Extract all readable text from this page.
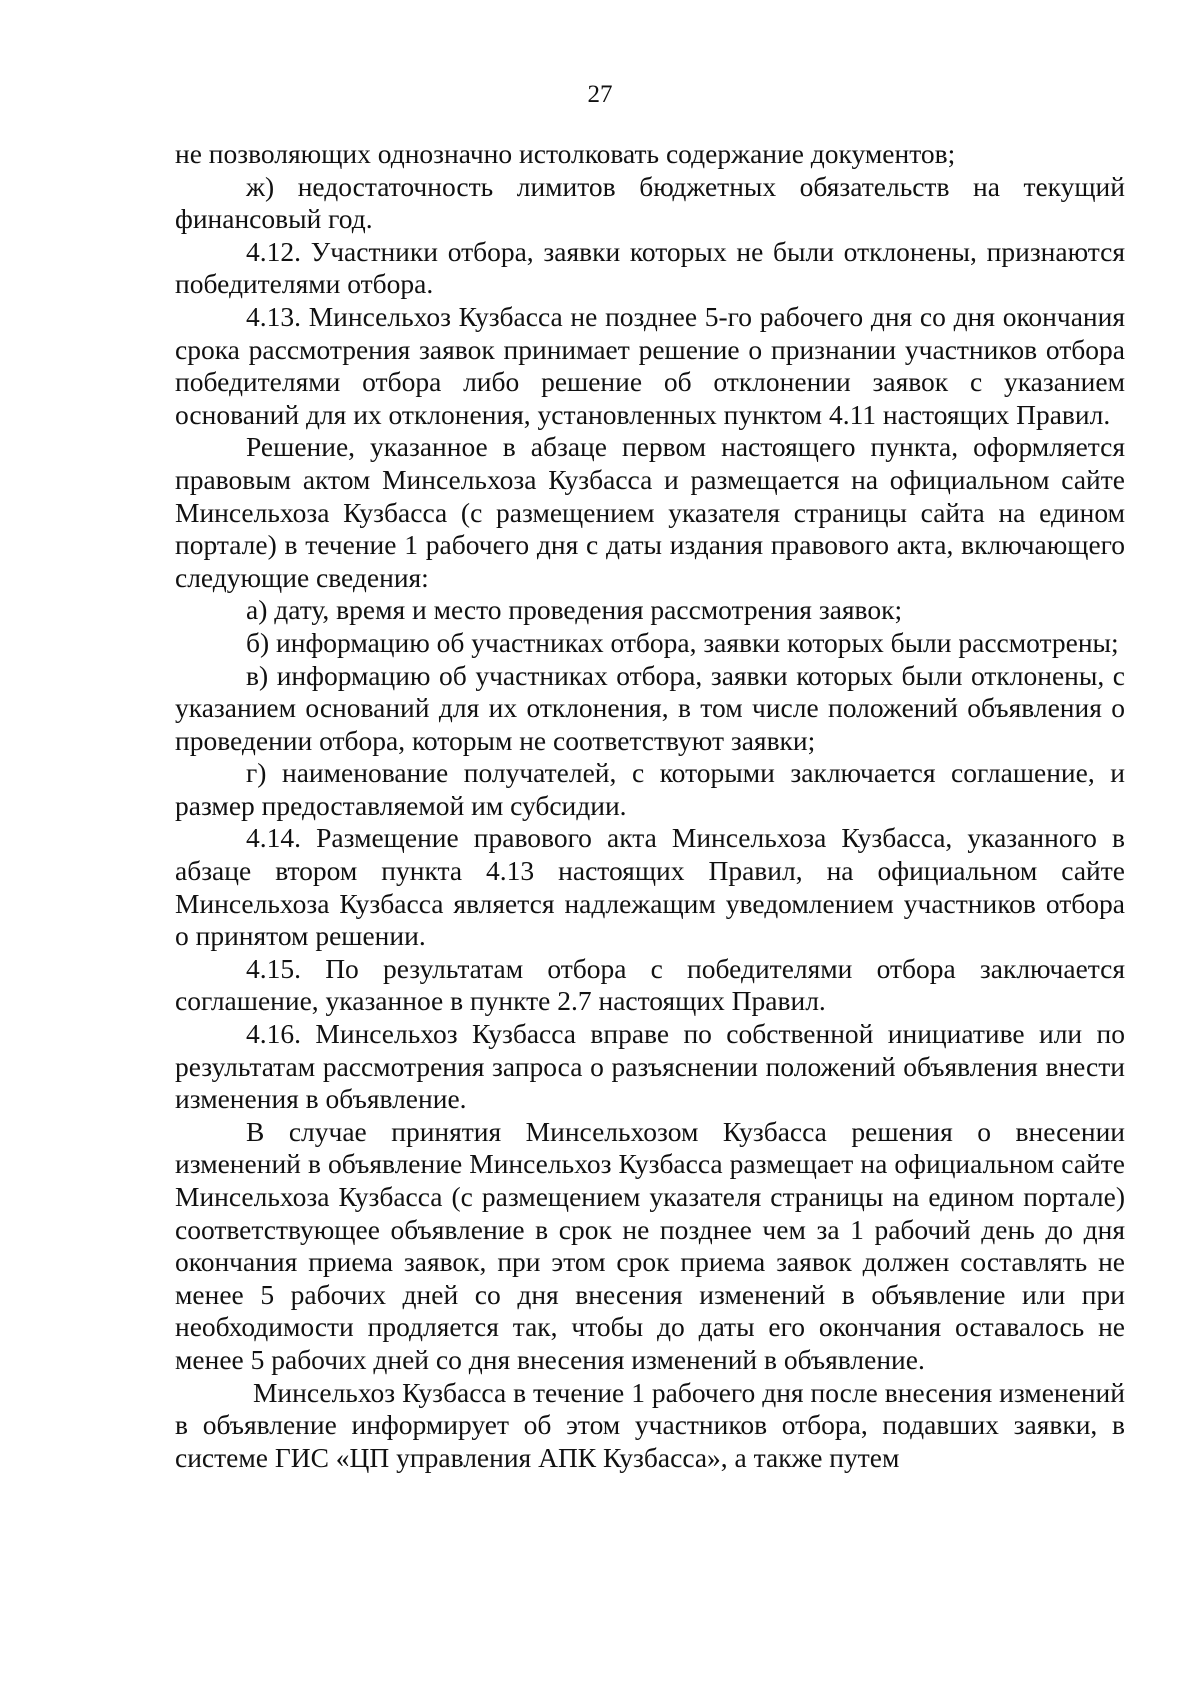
27

не позволяющих однозначно истолковать содержание документов;

ж) недостаточность лимитов бюджетных обязательств на текущий финансовый год.

4.12. Участники отбора, заявки которых не были отклонены, признаются победителями отбора.

4.13. Минсельхоз Кузбасса не позднее 5-го рабочего дня со дня окончания срока рассмотрения заявок принимает решение о признании участников отбора победителями отбора либо решение об отклонении заявок с указанием оснований для их отклонения, установленных пунктом 4.11 настоящих Правил.

Решение, указанное в абзаце первом настоящего пункта, оформляется правовым актом Минсельхоза Кузбасса и размещается на официальном сайте Минсельхоза Кузбасса (с размещением указателя страницы сайта на едином портале) в течение 1 рабочего дня с даты издания правового акта, включающего следующие сведения:

а) дату, время и место проведения рассмотрения заявок;

б) информацию об участниках отбора, заявки которых были рассмотрены;

в) информацию об участниках отбора, заявки которых были отклонены, с указанием оснований для их отклонения, в том числе положений объявления о проведении отбора, которым не соответствуют заявки;

г) наименование получателей, с которыми заключается соглашение, и размер предоставляемой им субсидии.

4.14. Размещение правового акта Минсельхоза Кузбасса, указанного в абзаце втором пункта 4.13 настоящих Правил, на официальном сайте Минсельхоза Кузбасса является надлежащим уведомлением участников отбора о принятом решении.

4.15. По результатам отбора с победителями отбора заключается соглашение, указанное в пункте 2.7 настоящих Правил.

4.16. Минсельхоз Кузбасса вправе по собственной инициативе или по результатам рассмотрения запроса о разъяснении положений объявления внести изменения в объявление.

В случае принятия Минсельхозом Кузбасса решения о внесении изменений в объявление Минсельхоз Кузбасса размещает на официальном сайте Минсельхоза Кузбасса (с размещением указателя страницы на едином портале) соответствующее объявление в срок не позднее чем за 1 рабочий день до дня окончания приема заявок, при этом срок приема заявок должен составлять не менее 5 рабочих дней со дня внесения изменений в объявление или при необходимости продляется так, чтобы до даты его окончания оставалось не менее 5 рабочих дней со дня внесения изменений в объявление.

Минсельхоз Кузбасса в течение 1 рабочего дня после внесения изменений в объявление информирует об этом участников отбора, подавших заявки, в системе ГИС «ЦП управления АПК Кузбасса», а также путем
